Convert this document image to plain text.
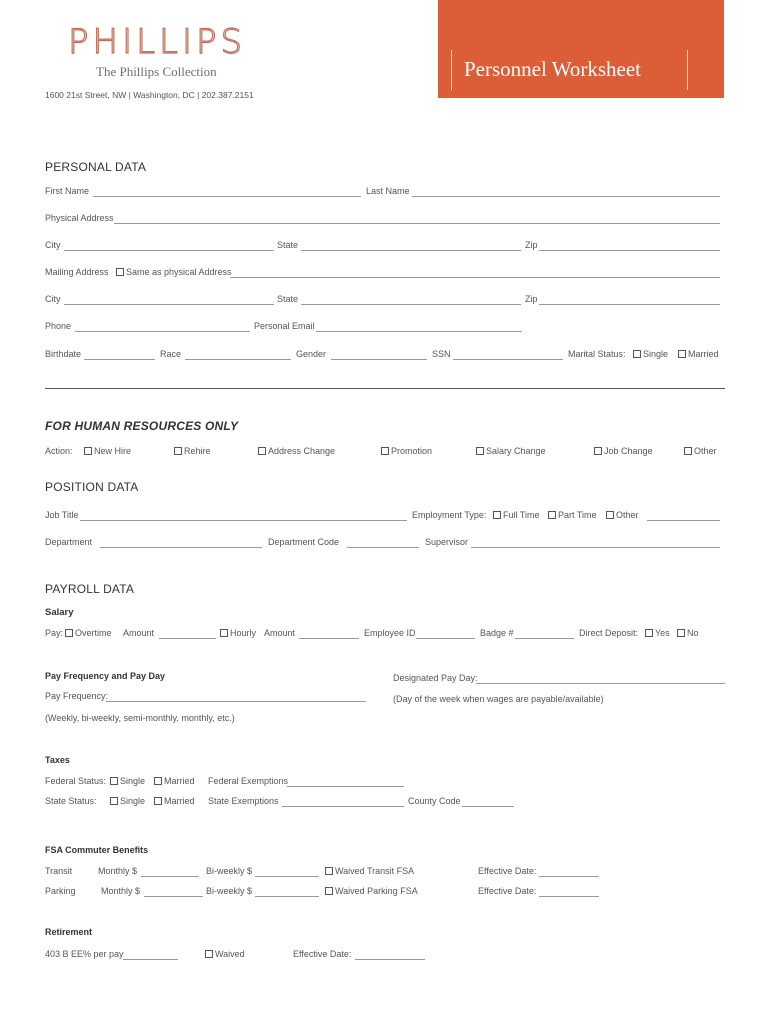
PHILLIPS
The Phillips Collection
1600 21st Street, NW | Washington, DC | 202.387.2151
Personnel Worksheet
PERSONAL DATA
First Name	Last Name
Physical Address
City	State	Zip
Mailing Address	Same as physical Address
City	State	Zip
Phone	Personal Email
Birthdate	Race	Gender	SSN	Marital Status:	Single	Married
FOR HUMAN RESOURCES ONLY
Action:	New Hire	Rehire	Address Change	Promotion	Salary Change	Job Change	Other
POSITION DATA
Job Title	Employment Type:	Full Time	Part Time	Other
Department	Department Code	Supervisor
PAYROLL DATA
Salary
Pay:	Overtime Amount	Hourly Amount	Employee ID	Badge #	Direct Deposit:	Yes	No
Pay Frequency and Pay Day
Pay Frequency:
(Weekly, bi-weekly, semi-monthly, monthly, etc.)
Designated Pay Day:
(Day of the week when wages are payable/available)
Taxes
Federal Status:	Single	Married Federal Exemptions
State Status:	Single	Married State Exemptions	County Code
FSA Commuter Benefits
Transit	Monthly $	Bi-weekly $	Waived Transit FSA	Effective Date:
Parking	Monthly $	Bi-weekly $	Waived Parking FSA	Effective Date:
Retirement
403 B EE% per pay	Waived	Effective Date:
